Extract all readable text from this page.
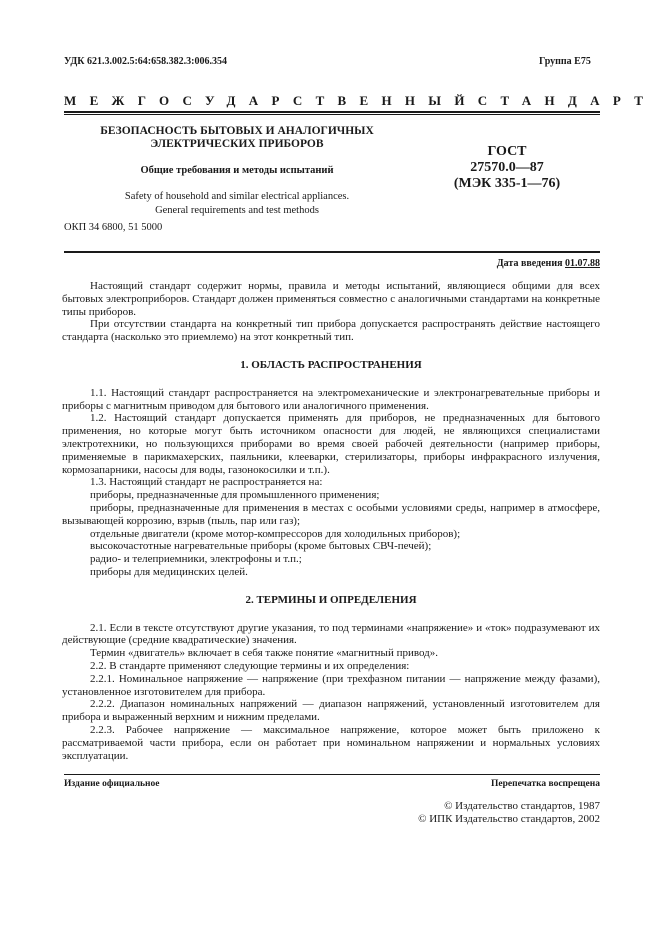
УДК 621.3.002.5:64:658.382.3:006.354	Группа Е75
МЕЖГОСУДАРСТВЕННЫЙ СТАНДАРТ
БЕЗОПАСНОСТЬ БЫТОВЫХ И АНАЛОГИЧНЫХ
ЭЛЕКТРИЧЕСКИХ ПРИБОРОВ
Общие требования и методы испытаний
Safety of household and similar electrical appliances.
General requirements and test methods
ГОСТ
27570.0—87
(МЭК 335-1—76)
ОКП 34 6800, 51 5000
Дата введения 01.07.88

Настоящий стандарт содержит нормы, правила и методы испытаний, являющиеся общими для всех бытовых электроприборов. Стандарт должен применяться совместно с аналогичными стандартами на конкретные типы приборов.

При отсутствии стандарта на конкретный тип прибора допускается распространять действие настоящего стандарта (насколько это приемлемо) на этот конкретный тип.

1. ОБЛАСТЬ РАСПРОСТРАНЕНИЯ

1.1. Настоящий стандарт распространяется на электромеханические и электронагревательные приборы и приборы с магнитным приводом для бытового или аналогичного применения.

1.2. Настоящий стандарт допускается применять для приборов, не предназначенных для бытового применения, но которые могут быть источником опасности для людей, не являющихся специалистами электротехники, но пользующихся приборами во время своей рабочей деятельности (например приборы, применяемые в парикмахерских, паяльники, клееварки, стерилизаторы, приборы инфракрасного излучения, кормозапарники, насосы для воды, газонокосилки и т.п.).

1.3. Настоящий стандарт не распространяется на:

приборы, предназначенные для промышленного применения;

приборы, предназначенные для применения в местах с особыми условиями среды, например в атмосфере, вызывающей коррозию, взрыв (пыль, пар или газ);

отдельные двигатели (кроме мотор-компрессоров для холодильных приборов);

высокочастотные нагревательные приборы (кроме бытовых СВЧ-печей);

радио- и телеприемники, электрофоны и т.п.;

приборы для медицинских целей.

2. ТЕРМИНЫ И ОПРЕДЕЛЕНИЯ

2.1. Если в тексте отсутствуют другие указания, то под терминами «напряжение» и «ток» подразумевают их действующие (средние квадратические) значения.

Термин «двигатель» включает в себя также понятие «магнитный привод».

2.2. В стандарте применяют следующие термины и их определения:

2.2.1. Номинальное напряжение — напряжение (при трехфазном питании — напряжение между фазами), установленное изготовителем для прибора.

2.2.2. Диапазон номинальных напряжений — диапазон напряжений, установленный изготовителем для прибора и выраженный верхним и нижним пределами.

2.2.3. Рабочее напряжение — максимальное напряжение, которое может быть приложено к рассматриваемой части прибора, если он работает при номинальном напряжении и нормальных условиях эксплуатации.

Издание официальное	Перепечатка воспрещена
© Издательство стандартов, 1987
© ИПК Издательство стандартов, 2002
